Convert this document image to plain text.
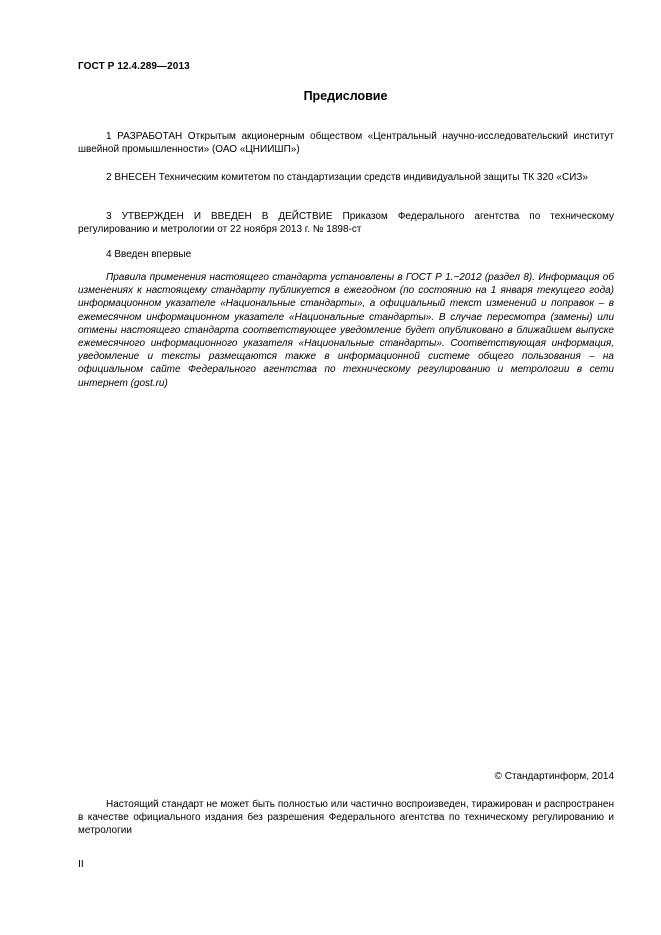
ГОСТ Р 12.4.289—2013
Предисловие

1 РАЗРАБОТАН Открытым акционерным обществом «Центральный научно-исследовательский институт швейной промышленности» (ОАО «ЦНИИШП»)

2 ВНЕСЕН Техническим комитетом по стандартизации средств индивидуальной защиты ТК 320 «СИЗ»

3 УТВЕРЖДЕН И ВВЕДЕН В ДЕЙСТВИЕ Приказом Федерального агентства по техническому регулированию и метрологии от 22 ноября 2013 г. № 1898-ст

4 Введен впервые

Правила применения настоящего стандарта установлены в ГОСТ Р 1.−2012 (раздел 8). Информация об изменениях к настоящему стандарту публикуется в ежегодном (по состоянию на 1 января текущего года) информационном указателе «Национальные стандарты», а официальный текст изменений и поправок – в ежемесячном информационном указателе «Национальные стандарты». В случае пересмотра (замены) или отмены настоящего стандарта соответствующее уведомление будет опубликовано в ближайшем выпуске ежемесячного информационного указателя «Национальные стандарты». Соответствующая информация, уведомление и тексты размещаются также в информационной системе общего пользования – на официальном сайте Федерального агентства по техническому регулированию и метрологии в сети интернет (gost.ru)

© Стандартинформ, 2014

Настоящий стандарт не может быть полностью или частично воспроизведен, тиражирован и распространен в качестве официального издания без разрешения Федерального агентства по техническому регулированию и метрологии

II
